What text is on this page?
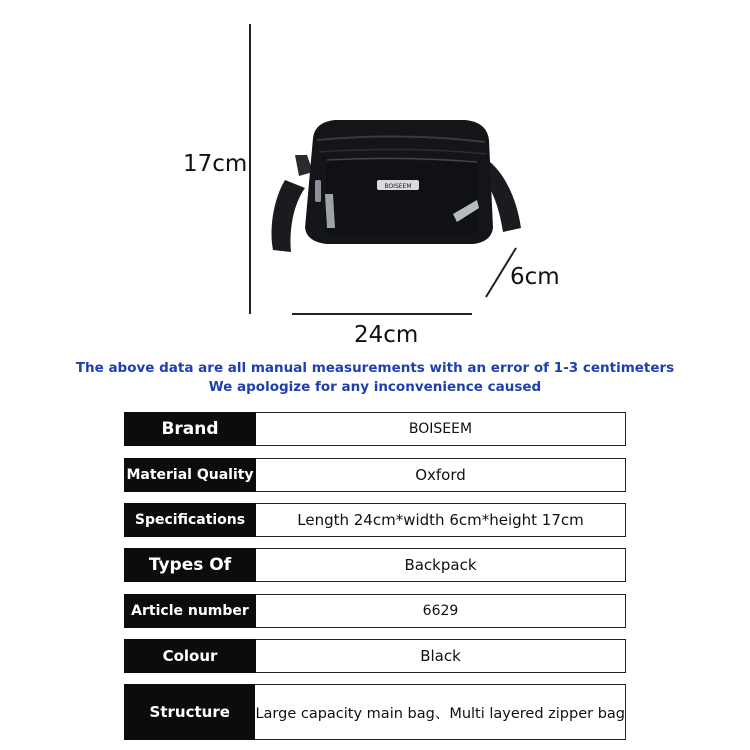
17cm
24cm
6cm
BOISEEM
The above data are all manual measurements with an error of 1-3 centimeters
We apologize for any inconvenience caused
Brand	BOISEEM
Material Quality	Oxford
Specifications	Length 24cm*width 6cm*height 17cm
Types Of	Backpack
Article number	6629
Colour	Black
Structure	Large capacity main bag、Multi layered zipper bag
